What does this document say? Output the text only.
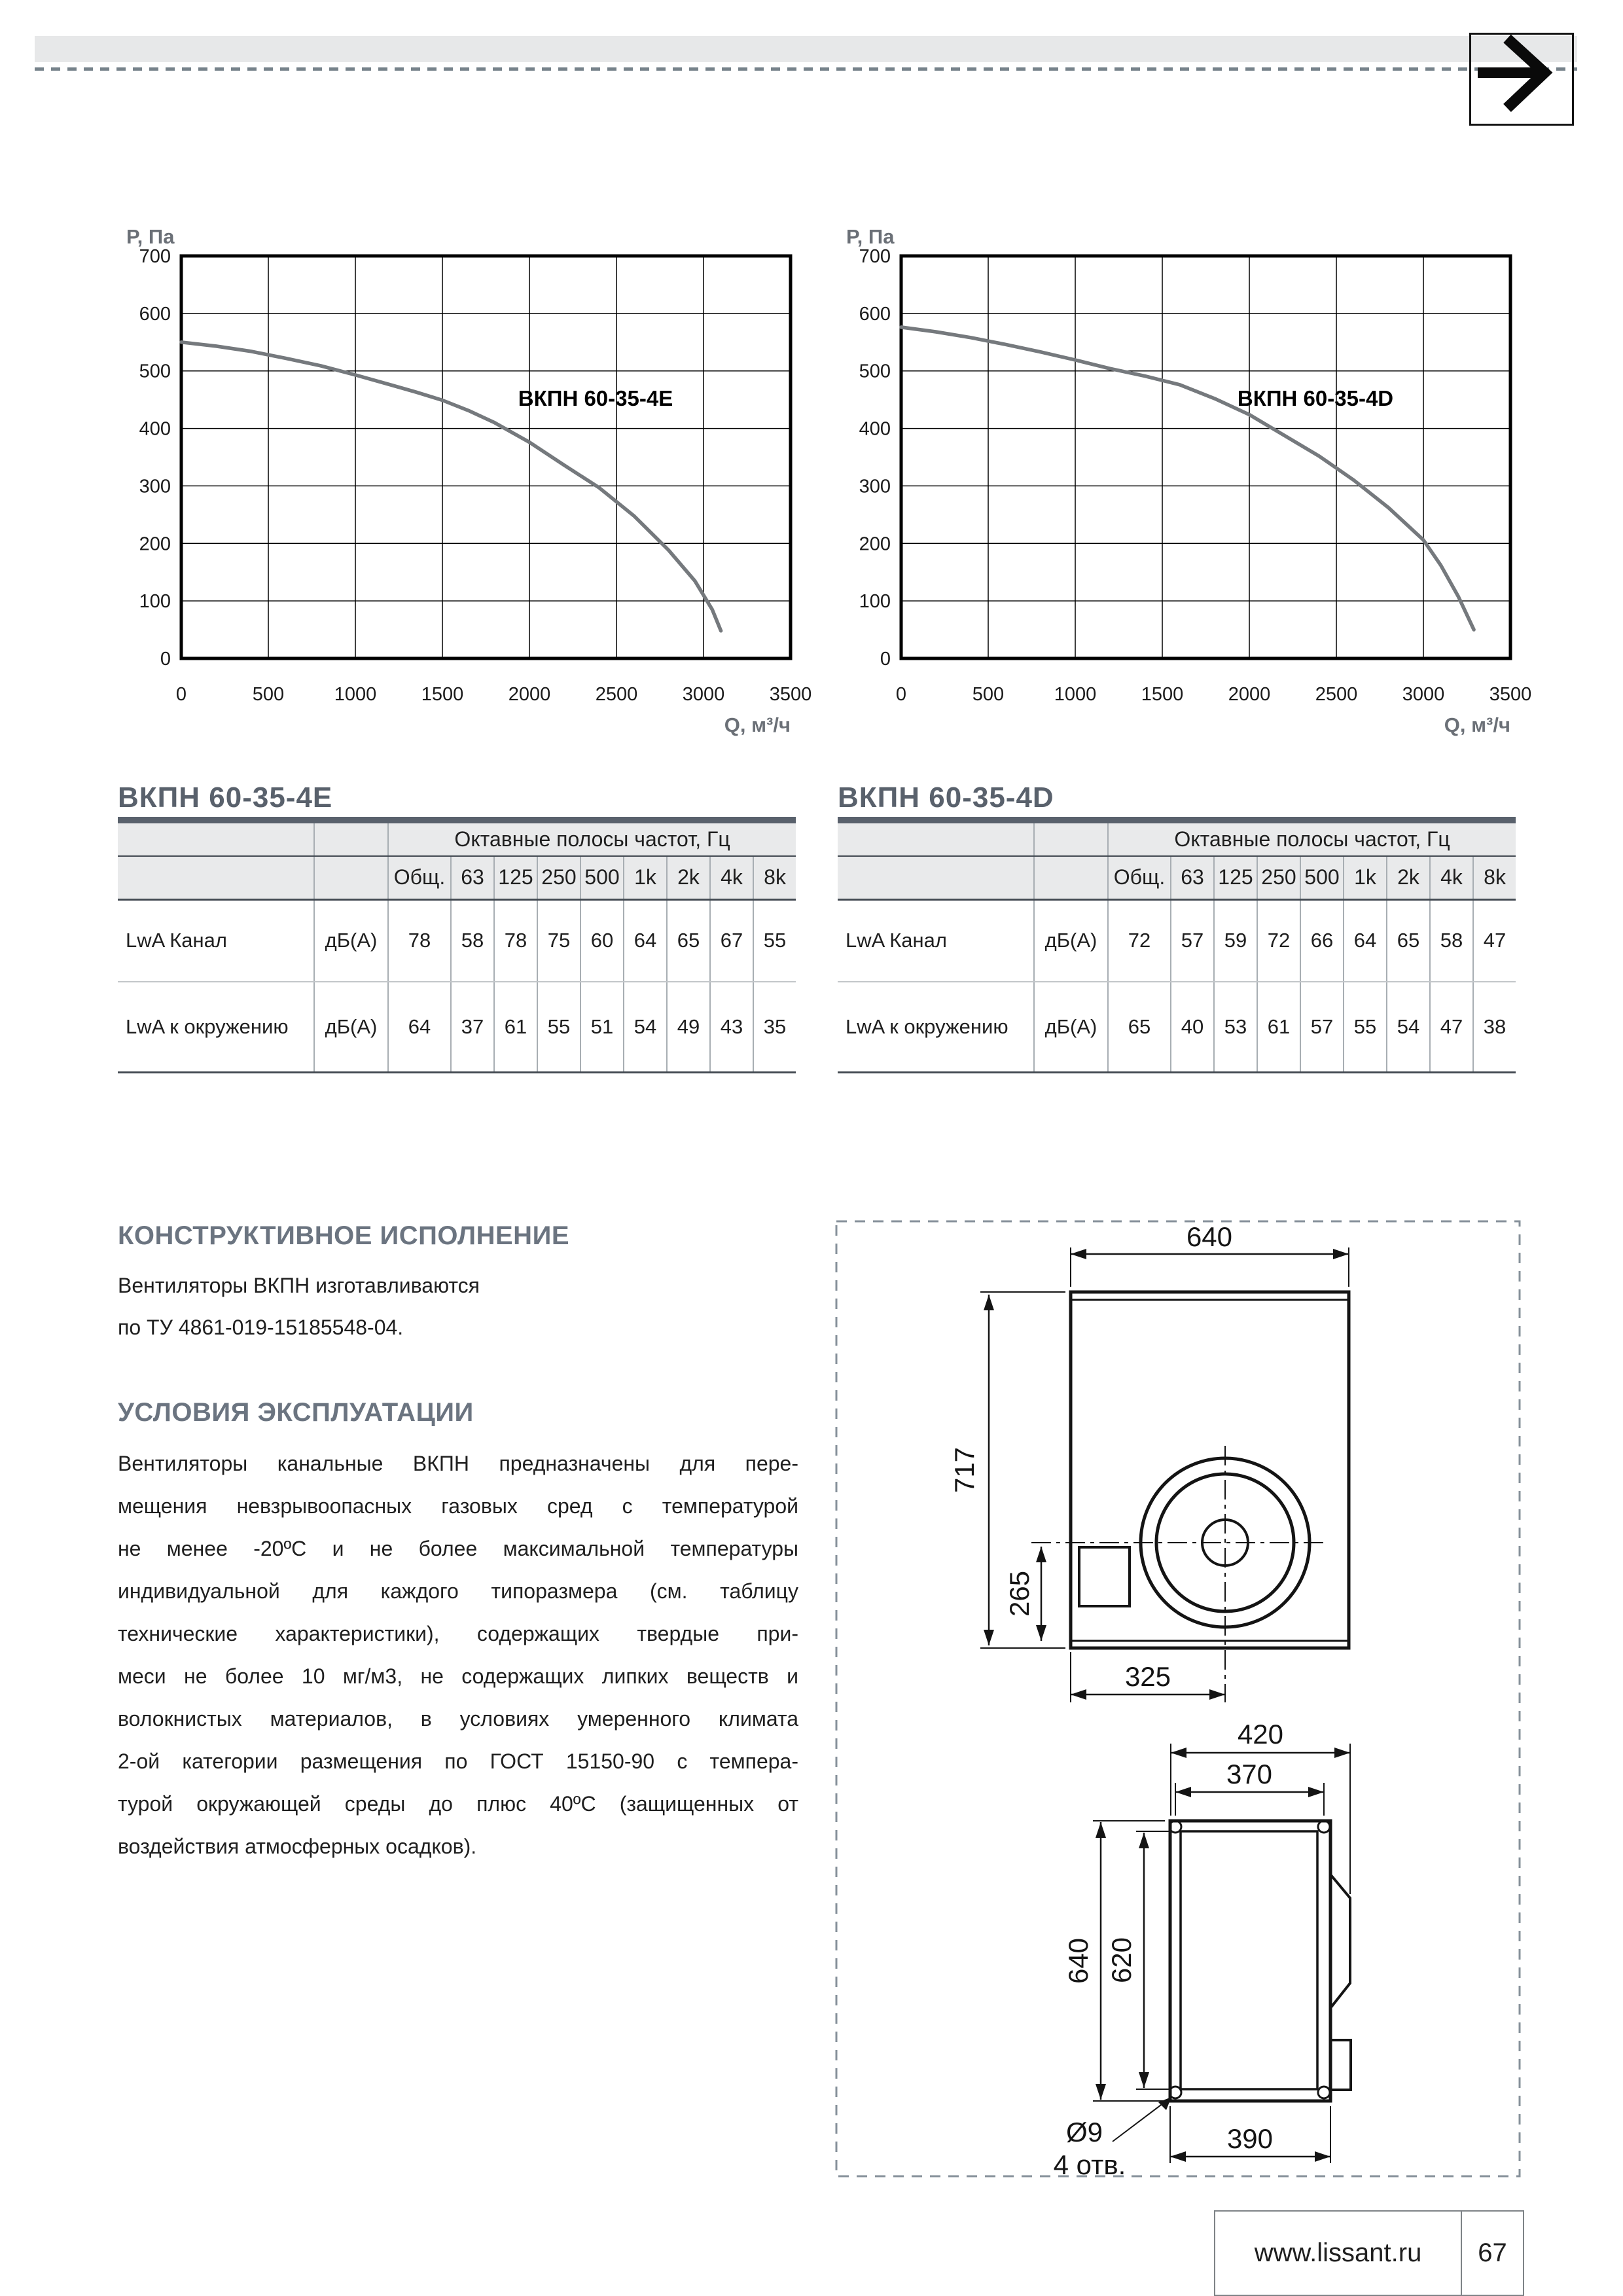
0
100
200
300
400
500
600
700
0	500	1000 1500 2000 2500 3000 3500
P, Па
Q, м³/ч
ВКПН 60-35-4Е
0
100
200
300
400
500
600
700
0	500	1000 1500 2000 2500 3000 3500
P, Па
Q, м³/ч
ВКПН 60-35-4D
ВКПН 60-35-4Е
		Октавные полосы частот, Гц								
		Общ.	63	125	250	500	1k	2k	4k	8k
LwA Канал	дБ(А)	78	58	78	75	60	64	65	67	55
LwA к окружению	дБ(А)	64	37	61	55	51	54	49	43	35
ВКПН 60-35-4D
		Октавные полосы частот, Гц								
		Общ.	63	125	250	500	1k	2k	4k	8k
LwA Канал	дБ(А)	72	57	59	72	66	64	65	58	47
LwA к окружению	дБ(А)	65	40	53	61	57	55	54	47	38
КОНСТРУКТИВНОЕ ИСПОЛНЕНИЕ
Вентиляторы ВКПН изготавливаются
по ТУ 4861-019-15185548-04.
УСЛОВИЯ ЭКСПЛУАТАЦИИ
Вентиляторы канальные ВКПН предназначены для пере-
мещения невзрывоопасных газовых сред с температурой
не менее -20ºС и не более максимальной температуры
индивидуальной для каждого типоразмера (см. таблицу
технические характеристики), содержащих твердые при-
меси не более 10 мг/м3, не содержащих липких веществ и
волокнистых материалов, в условиях умеренного климата
2-ой категории размещения по ГОСТ 15150-90 с темпера-
турой окружающей среды до плюс 40ºС (защищенных от
воздействия атмосферных осадков).
640
717
265
325
420
370
640 620
390
Ø9
4 отв.
www.lissant.ru	67
